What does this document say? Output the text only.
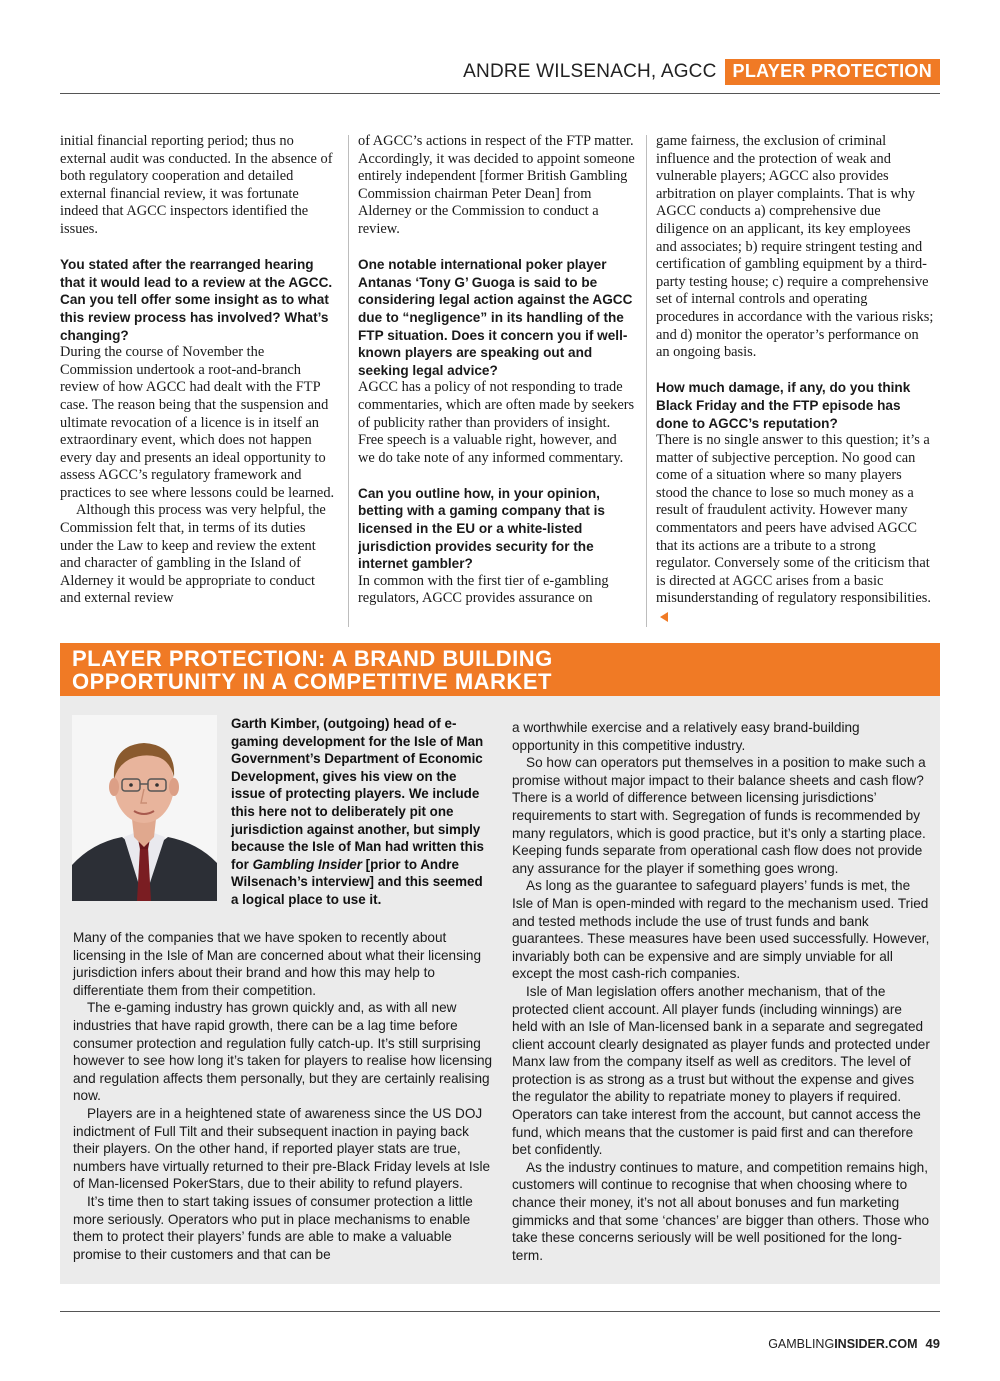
ANDRE WILSENACH, AGCC PLAYER PROTECTION

initial financial reporting period; thus no external audit was conducted. In the absence of both regulatory cooperation and detailed external financial review, it was fortunate indeed that AGCC inspectors identified the issues.

You stated after the rearranged hearing that it would lead to a review at the AGCC. Can you tell offer some insight as to what this review process has involved? What’s changing?

During the course of November the Commission undertook a root-and-branch review of how AGCC had dealt with the FTP case. The reason being that the suspension and ultimate revocation of a licence is in itself an extraordinary event, which does not happen every day and presents an ideal opportunity to assess AGCC’s regulatory framework and practices to see where lessons could be learned.

Although this process was very helpful, the Commission felt that, in terms of its duties under the Law to keep and review the extent and character of gambling in the Island of Alderney it would be appropriate to conduct and external review

of AGCC’s actions in respect of the FTP matter. Accordingly, it was decided to appoint someone entirely independent [former British Gambling Commission chairman Peter Dean] from Alderney or the Commission to conduct a review.

One notable international poker player Antanas ‘Tony G’ Guoga is said to be considering legal action against the AGCC due to “negligence” in its handling of the FTP situation. Does it concern you if well-known players are speaking out and seeking legal advice?

AGCC has a policy of not responding to trade commentaries, which are often made by seekers of publicity rather than providers of insight. Free speech is a valuable right, however, and we do take note of any informed commentary.

Can you outline how, in your opinion, betting with a gaming company that is licensed in the EU or a white-listed jurisdiction provides security for the internet gambler?

In common with the first tier of e-gambling regulators, AGCC provides assurance on

game fairness, the exclusion of criminal influence and the protection of weak and vulnerable players; AGCC also provides arbitration on player complaints. That is why AGCC conducts a) comprehensive due diligence on an applicant, its key employees and associates; b) require stringent testing and certification of gambling equipment by a third-party testing house; c) require a comprehensive set of internal controls and operating procedures in accordance with the various risks; and d) monitor the operator’s performance on an ongoing basis.

How much damage, if any, do you think Black Friday and the FTP episode has done to AGCC’s reputation?

There is no single answer to this question; it’s a matter of subjective perception. No good can come of a situation where so many players stood the chance to lose so much money as a result of fraudulent activity. However many commentators and peers have advised AGCC that its actions are a tribute to a strong regulator. Conversely some of the criticism that is directed at AGCC arises from a basic misunderstanding of regulatory responsibilities.

PLAYER PROTECTION: A BRAND BUILDING
OPPORTUNITY IN A COMPETITIVE MARKET

Garth Kimber, (outgoing) head of e-gaming development for the Isle of Man Government’s Department of Economic Development, gives his view on the issue of protecting players. We include this here not to deliberately pit one jurisdiction against another, but simply because the Isle of Man had written this for Gambling Insider [prior to Andre Wilsenach’s interview] and this seemed a logical place to use it.

Many of the companies that we have spoken to recently about licensing in the Isle of Man are concerned about what their licensing jurisdiction infers about their brand and how this may help to differentiate them from their competition.

The e-gaming industry has grown quickly and, as with all new industries that have rapid growth, there can be a lag time before consumer protection and regulation fully catch-up. It’s still surprising however to see how long it’s taken for players to realise how licensing and regulation affects them personally, but they are certainly realising now.

Players are in a heightened state of awareness since the US DOJ indictment of Full Tilt and their subsequent inaction in paying back their players. On the other hand, if reported player stats are true, numbers have virtually returned to their pre-Black Friday levels at Isle of Man-licensed PokerStars, due to their ability to refund players.

It’s time then to start taking issues of consumer protection a little more seriously. Operators who put in place mechanisms to enable them to protect their players’ funds are able to make a valuable promise to their customers and that can be

a worthwhile exercise and a relatively easy brand-building opportunity in this competitive industry.

So how can operators put themselves in a position to make such a promise without major impact to their balance sheets and cash flow? There is a world of difference between licensing jurisdictions’ requirements to start with. Segregation of funds is recommended by many regulators, which is good practice, but it’s only a starting place. Keeping funds separate from operational cash flow does not provide any assurance for the player if something goes wrong.

As long as the guarantee to safeguard players’ funds is met, the Isle of Man is open-minded with regard to the mechanism used. Tried and tested methods include the use of trust funds and bank guarantees. These measures have been used successfully. However, invariably both can be expensive and are simply unviable for all except the most cash-rich companies.

Isle of Man legislation offers another mechanism, that of the protected client account. All player funds (including winnings) are held with an Isle of Man-licensed bank in a separate and segregated client account clearly designated as player funds and protected under Manx law from the company itself as well as creditors. The level of protection is as strong as a trust but without the expense and gives the regulator the ability to repatriate money to players if required. Operators can take interest from the account, but cannot access the fund, which means that the customer is paid first and can therefore bet confidently.

As the industry continues to mature, and competition remains high, customers will continue to recognise that when choosing where to chance their money, it’s not all about bonuses and fun marketing gimmicks and that some ‘chances’ are bigger than others. Those who take these concerns seriously will be well positioned for the long-term.

GAMBLING INSIDER.COM 49
